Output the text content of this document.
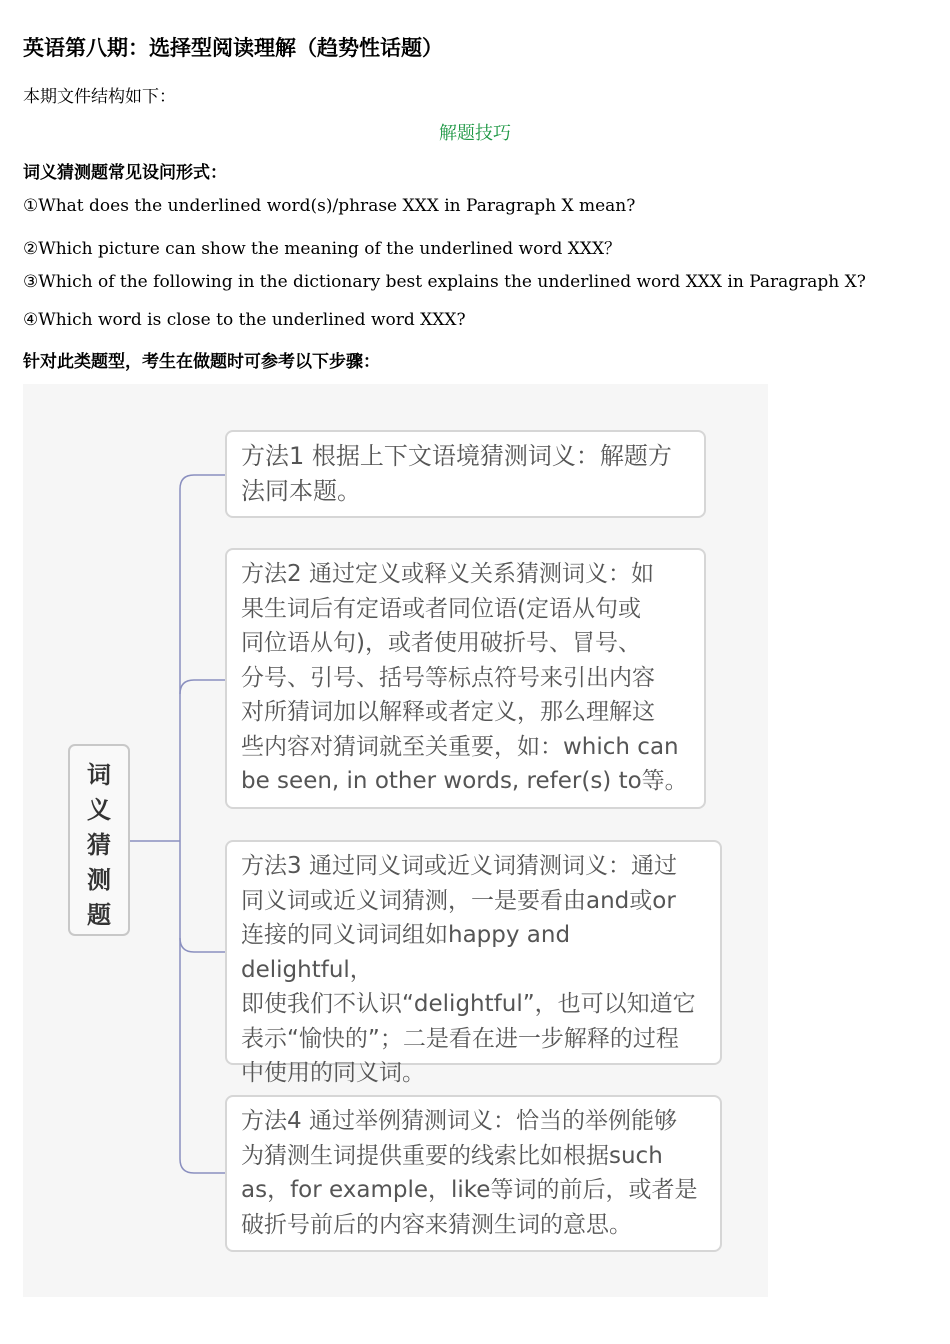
英语第八期：选择型阅读理解（趋势性话题）
本期文件结构如下：
解题技巧
词义猜测题常见设问形式：
①What does the underlined word(s)/phrase XXX in Paragraph X mean?
②Which picture can show the meaning of the underlined word XXX？
③Which of the following in the dictionary best explains the underlined word XXX in Paragraph X?
④Which word is close to the underlined word XXX?
针对此类题型，考生在做题时可参考以下步骤：
词
义
猜
测
题
方法1 根据上下文语境猜测词义：解题方
法同本题。
方法2 通过定义或释义关系猜测词义：如
果生词后有定语或者同位语(定语从句或
同位语从句)，或者使用破折号、冒号、
分号、引号、括号等标点符号来引出内容
对所猜词加以解释或者定义，那么理解这
些内容对猜词就至关重要，如：which can
be seen, in other words, refer(s) to等。
方法3 通过同义词或近义词猜测词义：通过
同义词或近义词猜测，一是要看由and或or
连接的同义词词组如happy and delightful，
即使我们不认识“delightful”，也可以知道它
表示“愉快的”；二是看在进一步解释的过程
中使用的同义词。
方法4 通过举例猜测词义：恰当的举例能够
为猜测生词提供重要的线索比如根据such
as，for example，like等词的前后，或者是
破折号前后的内容来猜测生词的意思。
